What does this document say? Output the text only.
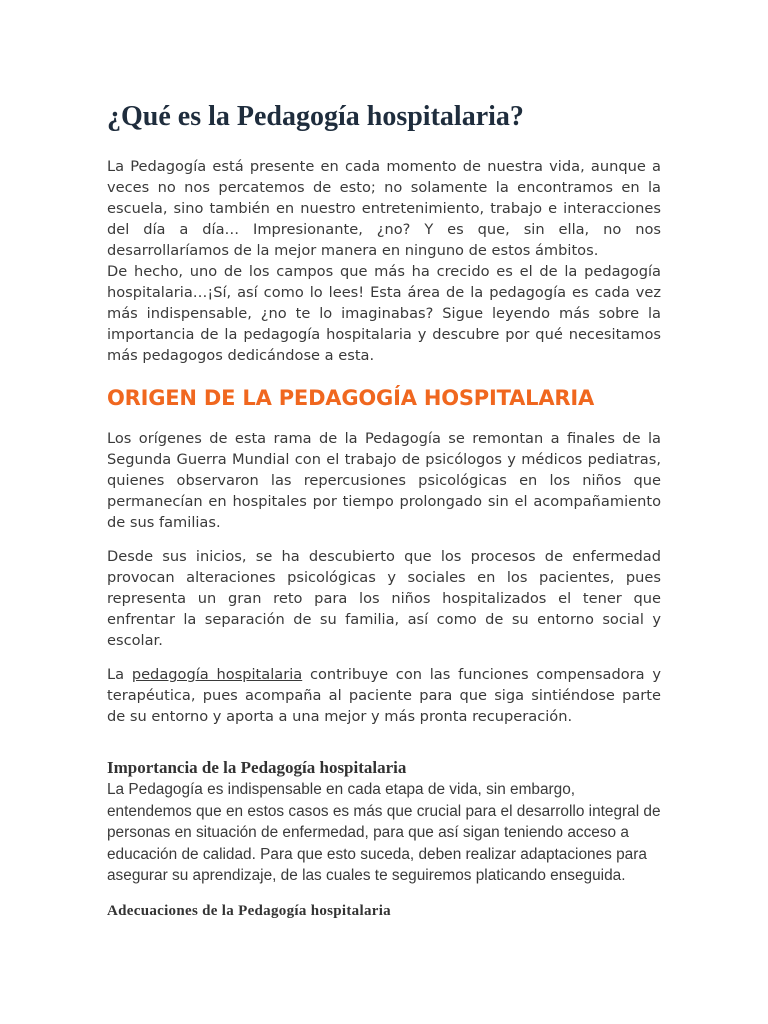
¿Qué es la Pedagogía hospitalaria?

La Pedagogía está presente en cada momento de nuestra vida, aunque a veces no nos percatemos de esto; no solamente la encontramos en la escuela, sino también en nuestro entretenimiento, trabajo e interacciones del día a día… Impresionante, ¿no? Y es que, sin ella, no nos desarrollaríamos de la mejor manera en ninguno de estos ámbitos.

De hecho, uno de los campos que más ha crecido es el de la pedagogía hospitalaria…¡Sí, así como lo lees! Esta área de la pedagogía es cada vez más indispensable, ¿no te lo imaginabas? Sigue leyendo más sobre la importancia de la pedagogía hospitalaria y descubre por qué necesitamos más pedagogos dedicándose a esta.

ORIGEN DE LA PEDAGOGÍA HOSPITALARIA

Los orígenes de esta rama de la Pedagogía se remontan a finales de la Segunda Guerra Mundial con el trabajo de psicólogos y médicos pediatras, quienes observaron las repercusiones psicológicas en los niños que permanecían en hospitales por tiempo prolongado sin el acompañamiento de sus familias.

Desde sus inicios, se ha descubierto que los procesos de enfermedad provocan alteraciones psicológicas y sociales en los pacientes, pues representa un gran reto para los niños hospitalizados el tener que enfrentar la separación de su familia, así como de su entorno social y escolar.

La pedagogía hospitalaria contribuye con las funciones compensadora y terapéutica, pues acompaña al paciente para que siga sintiéndose parte de su entorno y aporta a una mejor y más pronta recuperación.

Importancia de la Pedagogía hospitalaria

La Pedagogía es indispensable en cada etapa de vida, sin embargo, entendemos que en estos casos es más que crucial para el desarrollo integral de personas en situación de enfermedad, para que así sigan teniendo acceso a educación de calidad. Para que esto suceda, deben realizar adaptaciones para asegurar su aprendizaje, de las cuales te seguiremos platicando enseguida.

Adecuaciones de la Pedagogía hospitalaria
